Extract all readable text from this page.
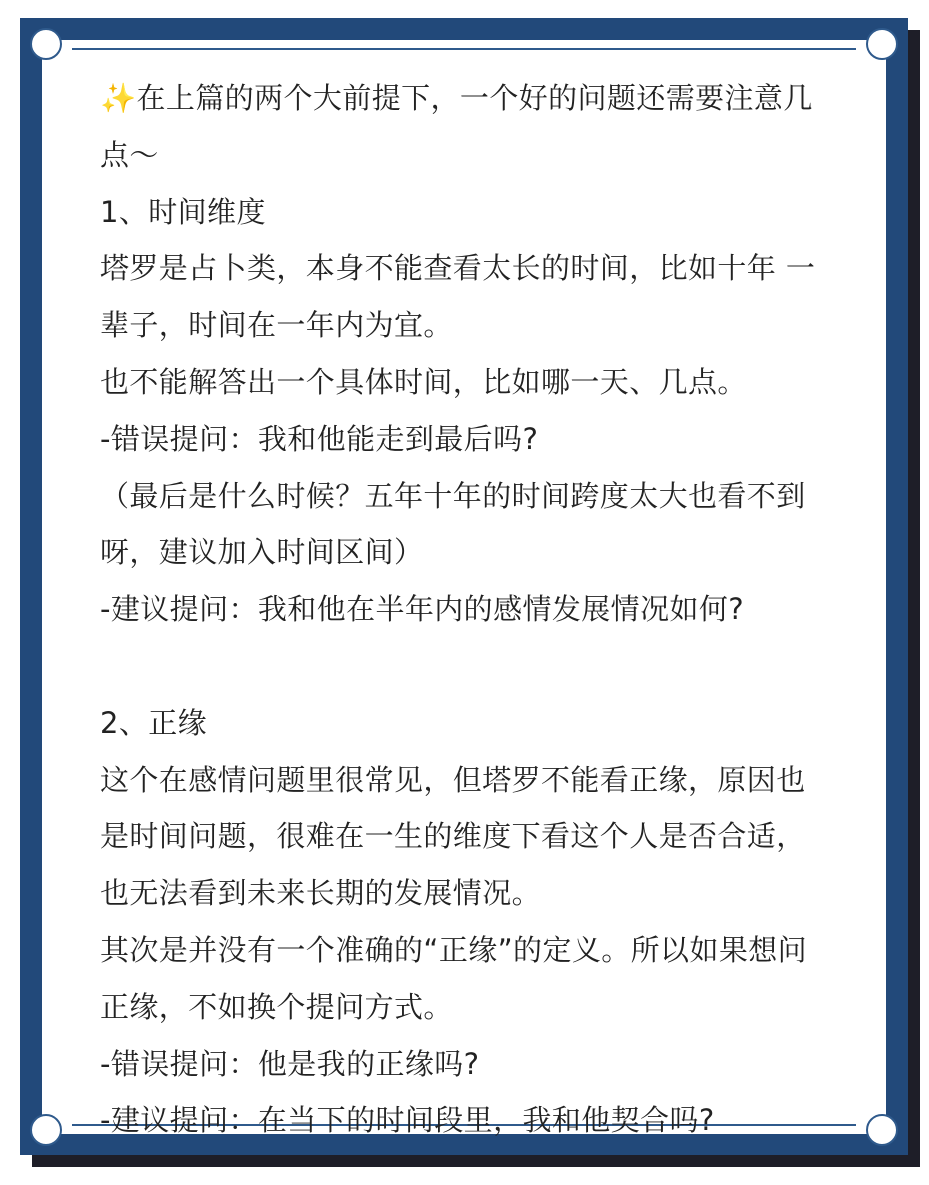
✨在上篇的两个大前提下，一个好的问题还需要注意几
点～
1、时间维度
塔罗是占卜类，本身不能查看太长的时间，比如十年 一
辈子，时间在一年内为宜。
也不能解答出一个具体时间，比如哪一天、几点。
-错误提问：我和他能走到最后吗?
（最后是什么时候？五年十年的时间跨度太大也看不到
呀，建议加入时间区间）
-建议提问：我和他在半年内的感情发展情况如何?
2、正缘
这个在感情问题里很常见，但塔罗不能看正缘，原因也
是时间问题，很难在一生的维度下看这个人是否合适，
也无法看到未来长期的发展情况。
其次是并没有一个准确的“正缘”的定义。所以如果想问
正缘，不如换个提问方式。
-错误提问：他是我的正缘吗?
-建议提问：在当下的时间段里，我和他契合吗?
